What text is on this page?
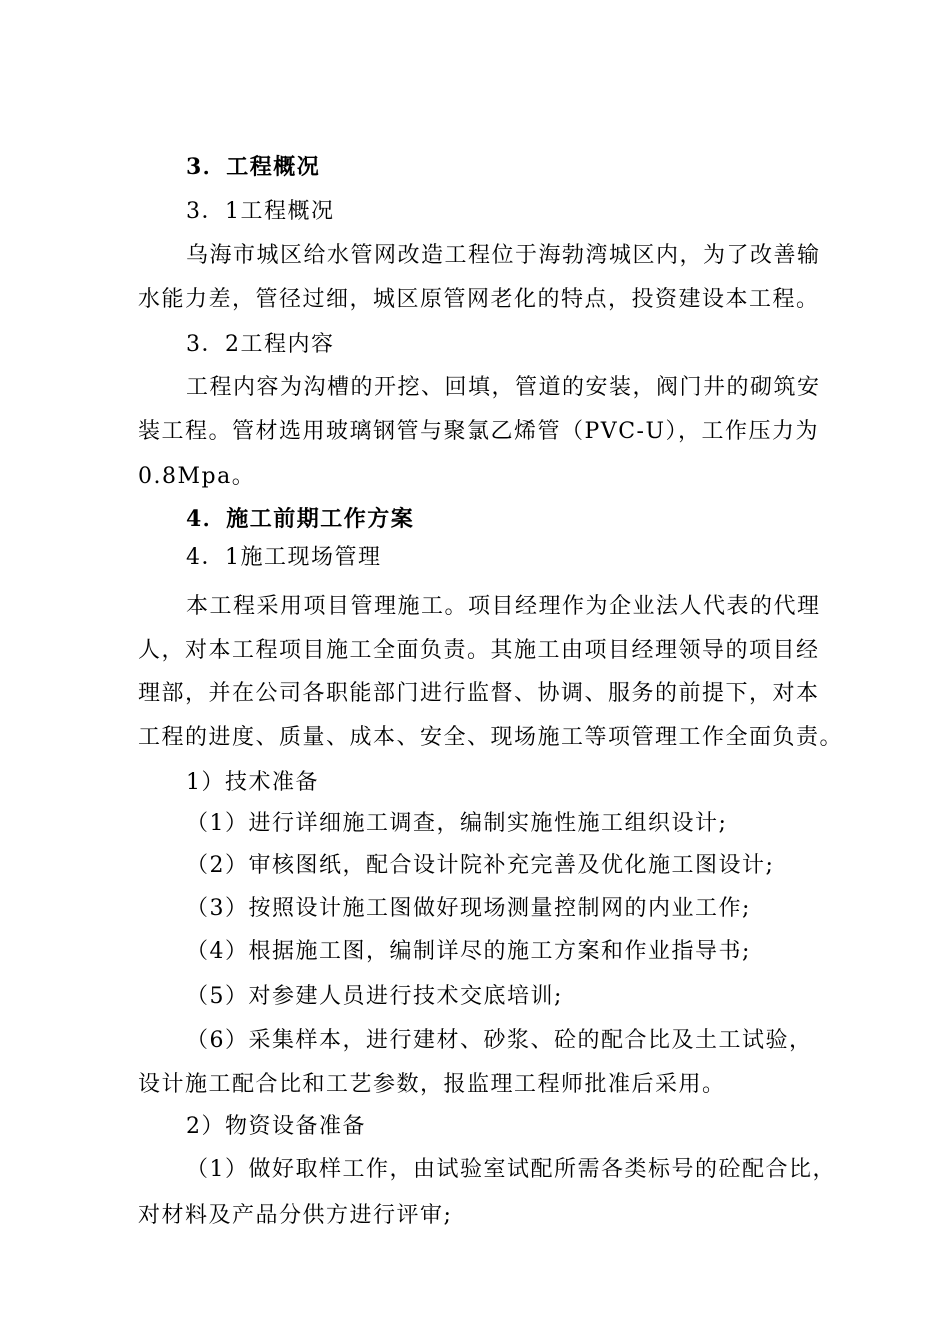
3．工程概况
3．1工程概况
乌海市城区给水管网改造工程位于海勃湾城区内，为了改善输
水能力差，管径过细，城区原管网老化的特点，投资建设本工程。
3．2工程内容
工程内容为沟槽的开挖、回填，管道的安装，阀门井的砌筑安
装工程。管材选用玻璃钢管与聚氯乙烯管（PVC-U），工作压力为
0.8Mpa。
4．施工前期工作方案
4．1施工现场管理
本工程采用项目管理施工。项目经理作为企业法人代表的代理
人，对本工程项目施工全面负责。其施工由项目经理领导的项目经
理部，并在公司各职能部门进行监督、协调、服务的前提下，对本
工程的进度、质量、成本、安全、现场施工等项管理工作全面负责。
1）技术准备
（1）进行详细施工调查，编制实施性施工组织设计;
（2）审核图纸，配合设计院补充完善及优化施工图设计;
（3）按照设计施工图做好现场测量控制网的内业工作;
（4）根据施工图，编制详尽的施工方案和作业指导书;
（5）对参建人员进行技术交底培训;
（6）采集样本，进行建材、砂浆、砼的配合比及土工试验，
设计施工配合比和工艺参数，报监理工程师批准后采用。
2）物资设备准备
（1）做好取样工作，由试验室试配所需各类标号的砼配合比，
对材料及产品分供方进行评审;
